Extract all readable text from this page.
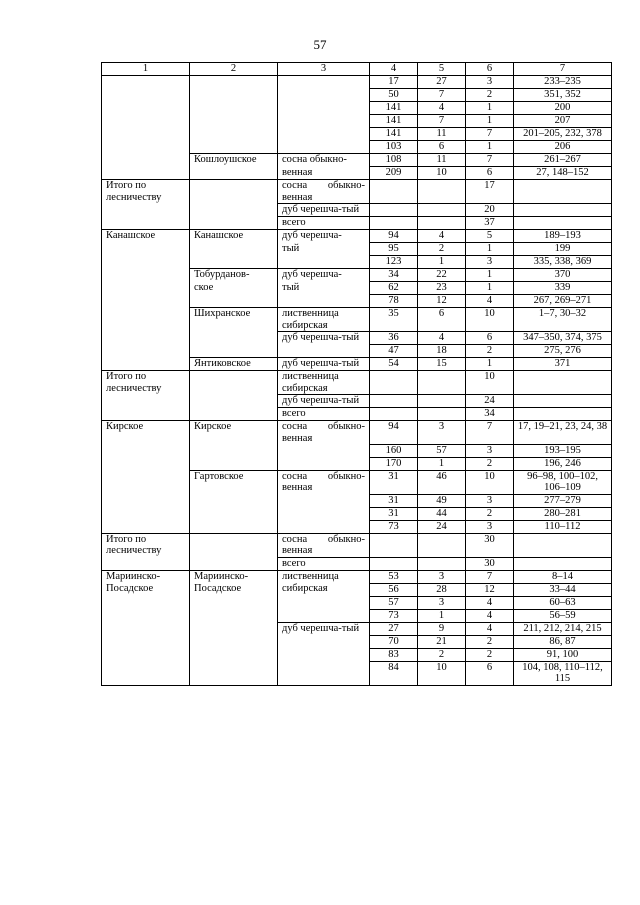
57
1	2	3	4	5	6	7
			17	27	3	233–235
			50	7	2	351, 352
			141	4	1	200
			141	7	1	207
			141	11	7	201–205, 232, 378
			103	6	1	206
	Кошлоушское	сосна обыкно-	108	11	7	261–267
		венная	209	10	6	27, 148–152
Итого по лесничеству		сосна обыкно-венная			17	
		дуб черешча-тый			20	
		всего			37	
Канашское	Канашское	дуб черешча-	94	4	5	189–193
		тый	95	2	1	199
			123	1	3	335, 338, 369
	Тобурданов-	дуб черешча-	34	22	1	370
	ское	тый	62	23	1	339
			78	12	4	267, 269–271
	Шихранское	лиственница сибирская	35	6	10	1–7, 30–32
		дуб черешча-тый	36	4	6	347–350, 374, 375
			47	18	2	275, 276
	Янтиковское	дуб черешча-тый	54	15	1	371
Итого по лесничеству		лиственница сибирская			10	
		дуб черешча-тый			24	
		всего			34	
Кирское	Кирское	сосна обыкно-венная	94	3	7	17, 19–21, 23, 24, 38
			160	57	3	193–195
			170	1	2	196, 246
	Гартовское	сосна обыкно-венная	31	46	10	96–98, 100–102, 106–109
			31	49	3	277–279
			31	44	2	280–281
			73	24	3	110–112
Итого по лесничеству		сосна обыкно-венная			30	
		всего			30	
Мариинско-	Мариинско-	лиственница	53	3	7	8–14
Посадское	Посадское	сибирская	56	28	12	33–44
			57	3	4	60–63
			73	1	4	56–59
		дуб черешча-тый	27	9	4	211, 212, 214, 215
			70	21	2	86, 87
			83	2	2	91, 100
			84	10	6	104, 108, 110–112, 115
